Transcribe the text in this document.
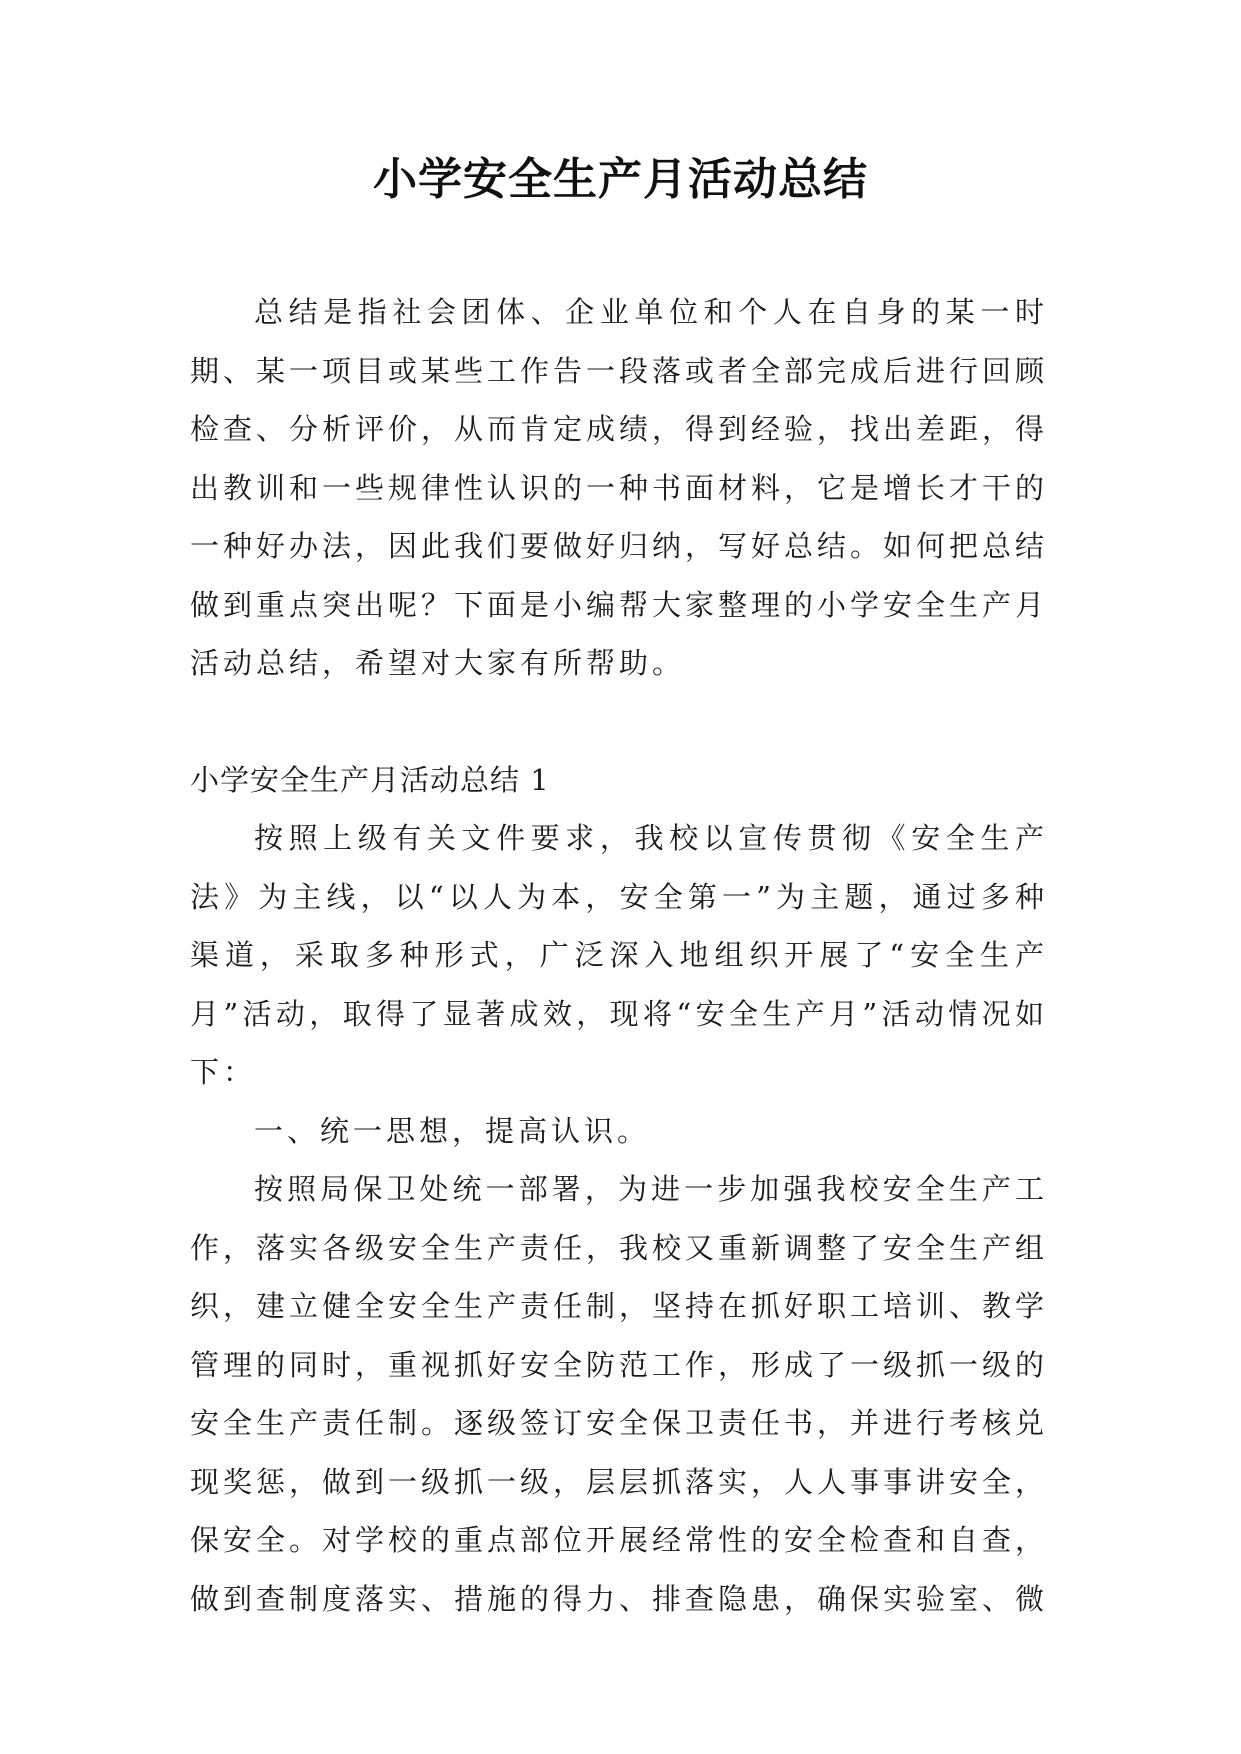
小学安全生产月活动总结

总结是指社会团体、企业单位和个人在自身的某一时期、某一项目或某些工作告一段落或者全部完成后进行回顾检查、分析评价，从而肯定成绩，得到经验，找出差距，得出教训和一些规律性认识的一种书面材料，它是增长才干的一种好办法，因此我们要做好归纳，写好总结。如何把总结做到重点突出呢？下面是小编帮大家整理的小学安全生产月活动总结，希望对大家有所帮助。

小学安全生产月活动总结 1

按照上级有关文件要求，我校以宣传贯彻《安全生产法》为主线，以“以人为本，安全第一”为主题，通过多种渠道，采取多种形式，广泛深入地组织开展了“安全生产月”活动，取得了显著成效，现将“安全生产月”活动情况如下：

一、统一思想，提高认识。

按照局保卫处统一部署，为进一步加强我校安全生产工作，落实各级安全生产责任，我校又重新调整了安全生产组织，建立健全安全生产责任制，坚持在抓好职工培训、教学管理的同时，重视抓好安全防范工作，形成了一级抓一级的安全生产责任制。逐级签订安全保卫责任书，并进行考核兑现奖惩，做到一级抓一级，层层抓落实，人人事事讲安全，保安全。对学校的重点部位开展经常性的安全检查和自查，做到查制度落实、措施的得力、排查隐患，确保实验室、微
